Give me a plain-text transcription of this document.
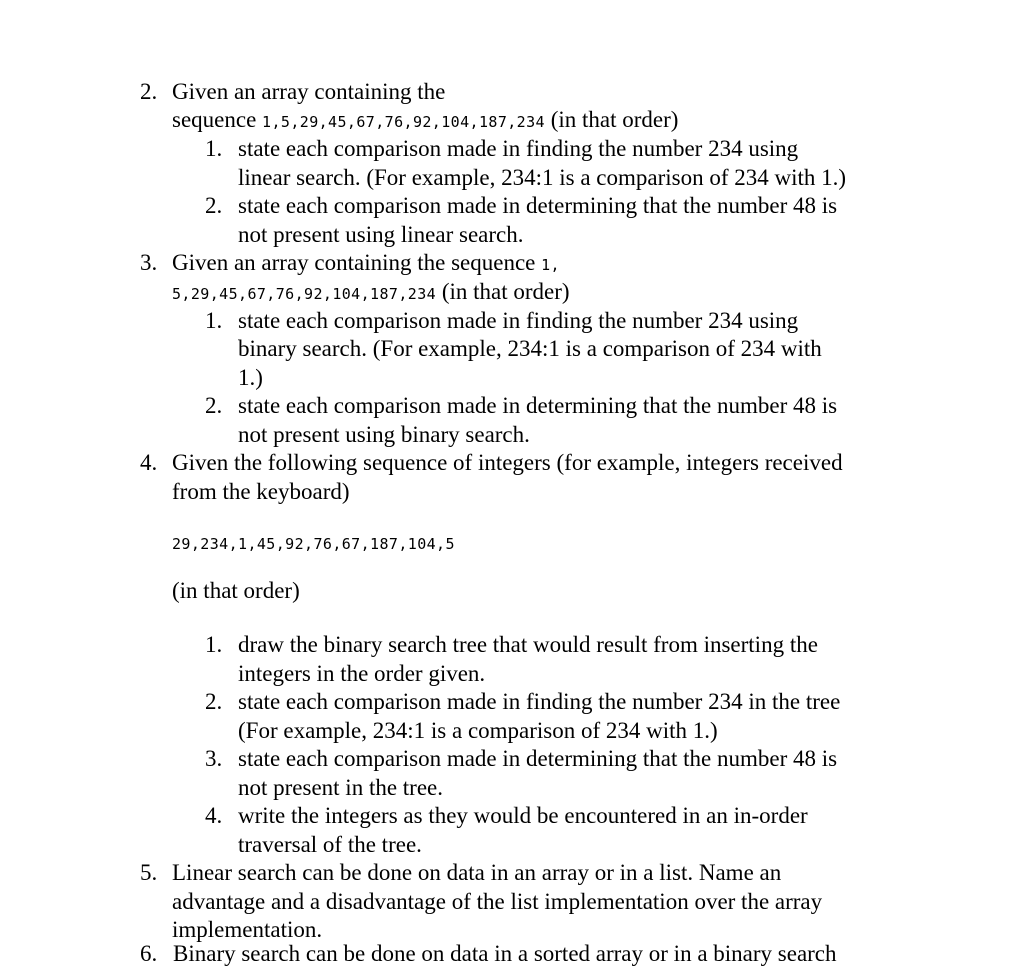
2. Given an array containing the
sequence 1,5,29,45,67,76,92,104,187,234 (in that order)
1. state each comparison made in finding the number 234 using
linear search. (For example, 234:1 is a comparison of 234 with 1.)
2. state each comparison made in determining that the number 48 is
not present using linear search.
3. Given an array containing the sequence 1,
5,29,45,67,76,92,104,187,234 (in that order)
1. state each comparison made in finding the number 234 using
binary search. (For example, 234:1 is a comparison of 234 with
1.)
2. state each comparison made in determining that the number 48 is
not present using binary search.
4. Given the following sequence of integers (for example, integers received
from the keyboard)
29,234,1,45,92,76,67,187,104,5
(in that order)
1. draw the binary search tree that would result from inserting the
integers in the order given.
2. state each comparison made in finding the number 234 in the tree
(For example, 234:1 is a comparison of 234 with 1.)
3. state each comparison made in determining that the number 48 is
not present in the tree.
4. write the integers as they would be encountered in an in-order
traversal of the tree.
5. Linear search can be done on data in an array or in a list. Name an
advantage and a disadvantage of the list implementation over the array
implementation.
6. Binary search can be done on data in a sorted array or in a binary search
